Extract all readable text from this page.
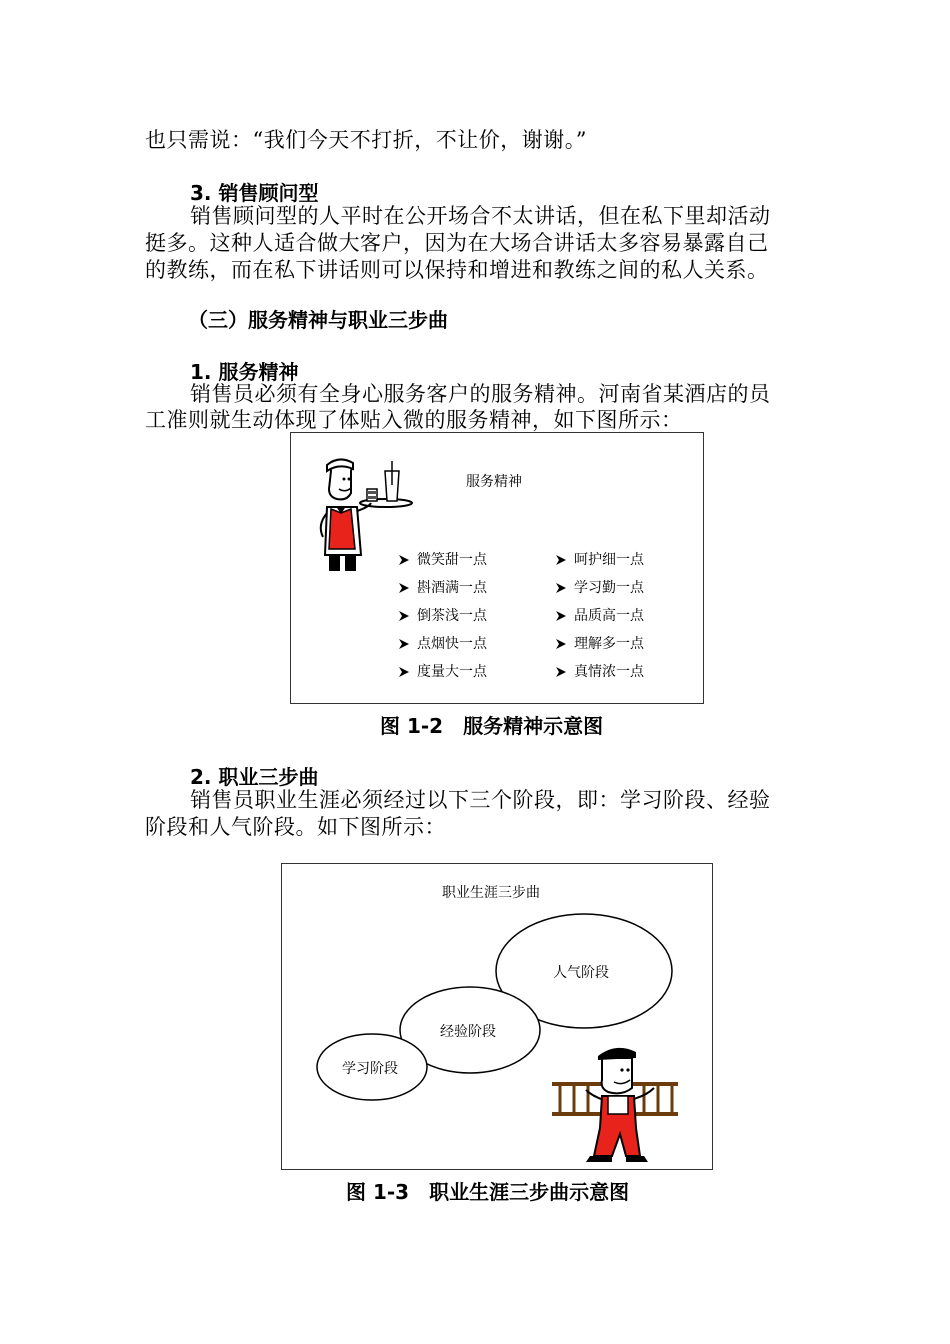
也只需说：“我们今天不打折，不让价，谢谢。”
3. 销售顾问型
销售顾问型的人平时在公开场合不太讲话，但在私下里却活动
挺多。这种人适合做大客户，因为在大场合讲话太多容易暴露自己
的教练，而在私下讲话则可以保持和增进和教练之间的私人关系。
（三）服务精神与职业三步曲
1. 服务精神
销售员必须有全身心服务客户的服务精神。河南省某酒店的员
工准则就生动体现了体贴入微的服务精神，如下图所示：
服务精神
微笑甜一点
斟酒满一点
倒茶浅一点
点烟快一点
度量大一点
呵护细一点
学习勤一点
品质高一点
理解多一点
真情浓一点
图 1-2　服务精神示意图
2. 职业三步曲
销售员职业生涯必须经过以下三个阶段，即：学习阶段、经验
阶段和人气阶段。如下图所示：
职业生涯三步曲
学习阶段
经验阶段
人气阶段
图 1-3　职业生涯三步曲示意图
